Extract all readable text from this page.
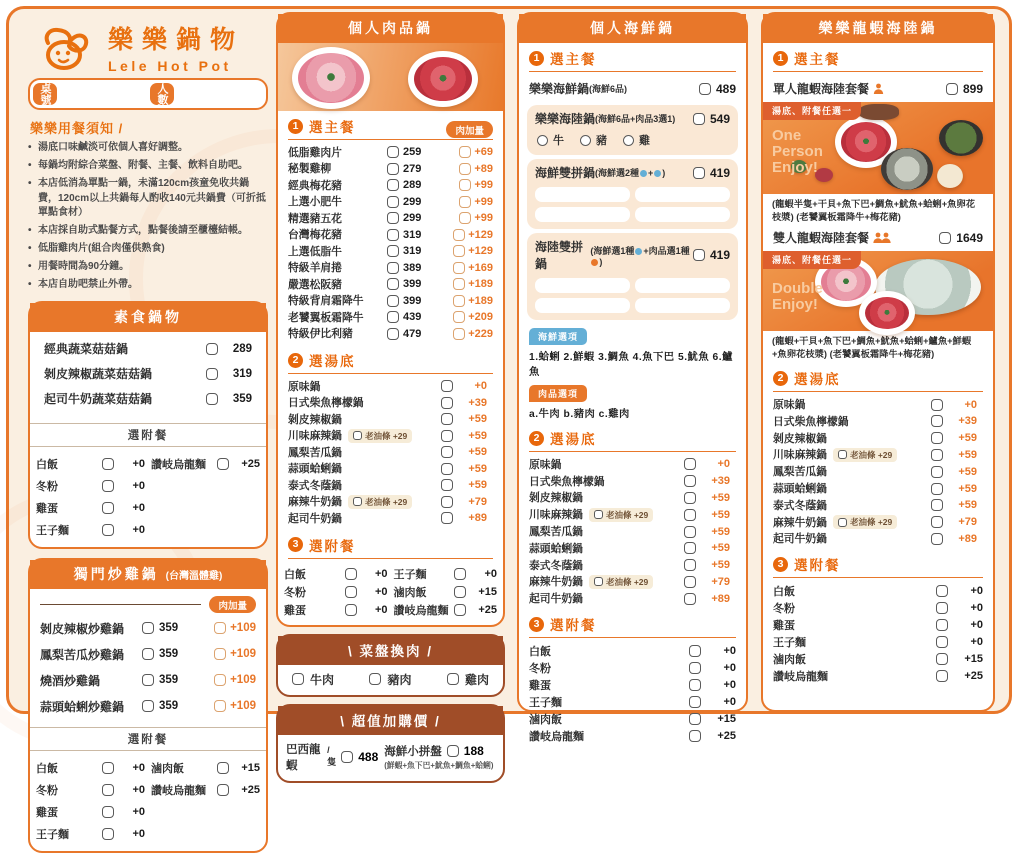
樂樂鍋物
Lele Hot Pot
桌號	人數
樂樂用餐須知 /
• 湯底口味鹹淡可依個人喜好調整。
• 每鍋均附綜合菜盤、附餐、主餐、飲料自助吧。
• 本店低消為單點一鍋，未滿120cm孩童免收共鍋費，120cm以上共鍋每人酌收140元共鍋費（可折抵單點食材）
• 本店採自助式點餐方式，點餐後請至櫃檯結帳。
• 低脂雞肉片(組合肉僅供熟食)
• 用餐時間為90分鐘。
• 本店自助吧禁止外帶。
素食鍋物
經典蔬菜菇菇鍋	289
剝皮辣椒蔬菜菇菇鍋	319
起司牛奶蔬菜菇菇鍋	359
選附餐
白飯	+0
冬粉	+0
雞蛋	+0
王子麵	+0
讚岐烏龍麵	+25
獨門炒雞鍋 (台灣溫體雞)
肉加量
剝皮辣椒炒雞鍋	359	+109
鳳梨苦瓜炒雞鍋	359	+109
燒酒炒雞鍋	359	+109
蒜頭蛤蜊炒雞鍋	359	+109
選附餐
白飯	+0
冬粉	+0
雞蛋	+0
王子麵	+0
滷肉飯	+15
讚岐烏龍麵	+25
個人肉品鍋
1 選主餐	肉加量
低脂雞肉片	259	+69
秘製雞柳	279	+89
經典梅花豬	289	+99
上選小肥牛	299	+99
精選豬五花	299	+99
台灣梅花豬	319	+129
上選低脂牛	319	+129
特級羊肩捲	389	+169
嚴選松阪豬	399	+189
特級背肩霜降牛	399	+189
老饕翼板霜降牛	439	+209
特級伊比利豬	479	+229
2 選湯底
原味鍋	+0
日式柴魚檸檬鍋	+39
剝皮辣椒鍋	+59
川味麻辣鍋	老油條 +29	+59
鳳梨苦瓜鍋	+59
蒜頭蛤蜊鍋	+59
泰式冬蔭鍋	+59
麻辣牛奶鍋	老油條 +29	+79
起司牛奶鍋	+89
3 選附餐
白飯	+0
冬粉	+0
雞蛋	+0
王子麵	+0
滷肉飯	+15
讚岐烏龍麵	+25
\ 菜盤換肉 /
牛肉	豬肉	雞肉
\ 超值加購價 /
巴西龍蝦
/隻 488 海鮮小拼盤 188
(鮮蝦+魚下巴+魷魚+鯛魚+蛤蜊)
個人海鮮鍋
1 選主餐
樂樂海鮮鍋 (海鮮6品)	489
樂樂海陸鍋 (海鮮6品+肉品3選1)	549
牛	豬	雞
海鮮雙拼鍋 (海鮮選2種 + )	419
海陸雙拼鍋
(海鮮選1種 +肉品選1種)	419
海鮮選項
1.蛤蜊 2.鮮蝦 3.鯛魚 4.魚下巴 5.魷魚 6.鱸魚
肉品選項
a.牛肉 b.豬肉 c.雞肉
2 選湯底
原味鍋	+0
日式柴魚檸檬鍋	+39
剝皮辣椒鍋	+59
川味麻辣鍋	老油條 +29	+59
鳳梨苦瓜鍋	+59
蒜頭蛤蜊鍋	+59
泰式冬蔭鍋	+59
麻辣牛奶鍋	老油條 +29	+79
起司牛奶鍋	+89
3 選附餐
白飯	+0
冬粉	+0
雞蛋	+0
王子麵	+0
滷肉飯	+15
讚岐烏龍麵	+25
樂樂龍蝦海陸鍋
1 選主餐
單人龍蝦海陸套餐	899
湯底、附餐任選一
One Person Enjoy!
(龍蝦半隻+干貝+魚下巴+鯛魚+魷魚+蛤蜊+魚卵花枝漿) (老饕翼板霜降牛+梅花豬)
雙人龍蝦海陸套餐	1649
湯底、附餐任選一
Double Enjoy!
(龍蝦+干貝+魚下巴+鯛魚+魷魚+蛤蜊+鱸魚+鮮蝦+魚卵花枝漿) (老饕翼板霜降牛+梅花豬)
2 選湯底
原味鍋	+0
日式柴魚檸檬鍋	+39
剝皮辣椒鍋	+59
川味麻辣鍋	老油條 +29	+59
鳳梨苦瓜鍋	+59
蒜頭蛤蜊鍋	+59
泰式冬蔭鍋	+59
麻辣牛奶鍋	老油條 +29	+79
起司牛奶鍋	+89
3 選附餐
白飯	+0
冬粉	+0
雞蛋	+0
王子麵	+0
滷肉飯	+15
讚岐烏龍麵	+25
